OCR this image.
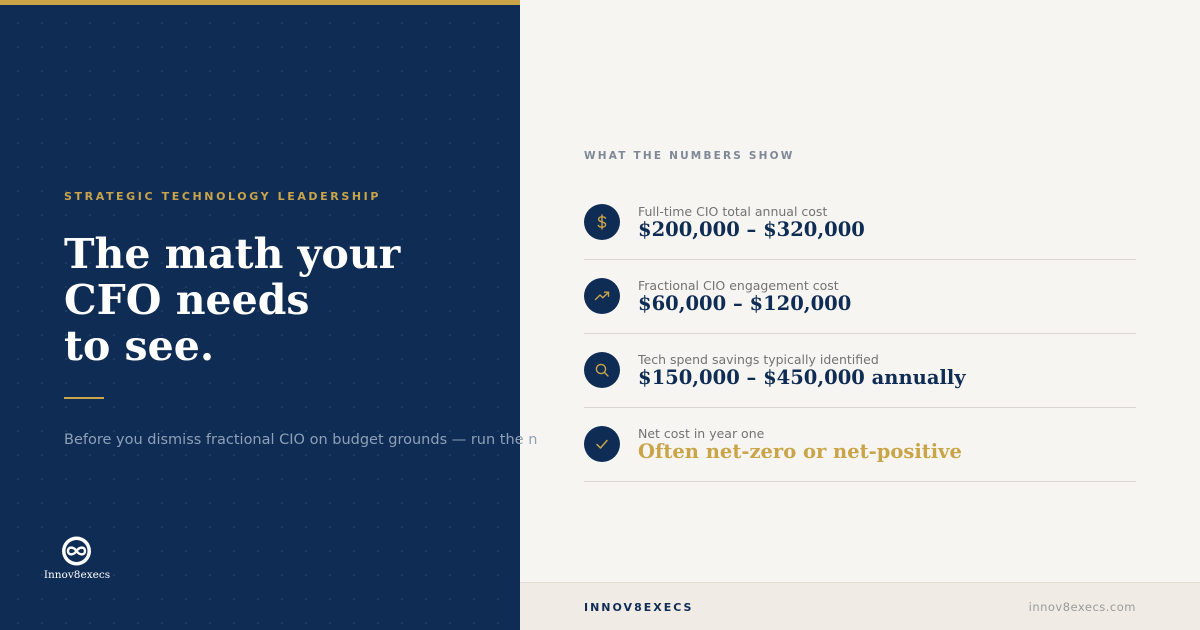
STRATEGIC TECHNOLOGY LEADERSHIP
The math your
CFO needs
to see.

Before you dismiss fractional CIO on budget grounds — run the n

Innov8execs
WHAT THE NUMBERS SHOW
Full-time CIO total annual cost
$200,000 – $320,000
Fractional CIO engagement cost
$60,000 – $120,000
Tech spend savings typically identified
$150,000 – $450,000 annually
Net cost in year one
Often net-zero or net-positive
INNOV8EXECS	innov8execs.com
